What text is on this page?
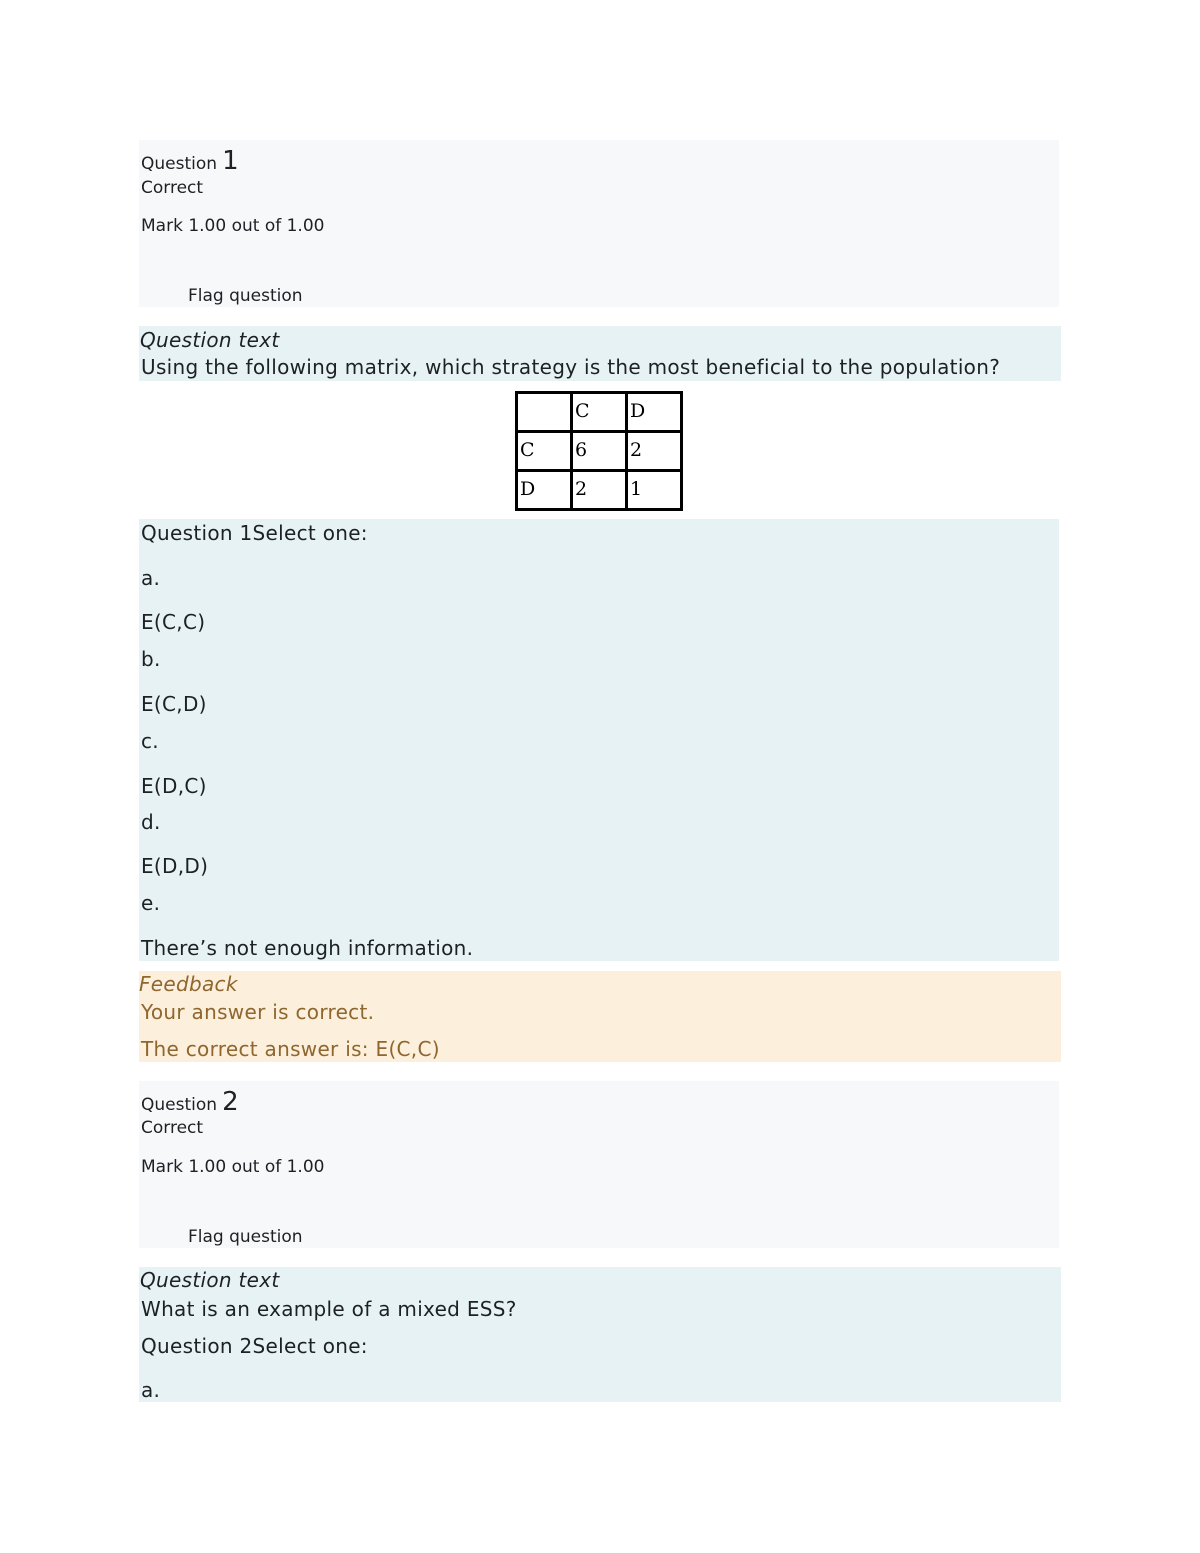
Question 1
Correct
Mark 1.00 out of 1.00
Flag question
Question text
Using the following matrix, which strategy is the most beneficial to the population?
	C	D
C	6	2
D	2	1
Question 1Select one:
a.
E(C,C)
b.
E(C,D)
c.
E(D,C)
d.
E(D,D)
e.
There’s not enough information.
Feedback
Your answer is correct.
The correct answer is: E(C,C)
Question 2
Correct
Mark 1.00 out of 1.00
Flag question
Question text
What is an example of a mixed ESS?
Question 2Select one:
a.
